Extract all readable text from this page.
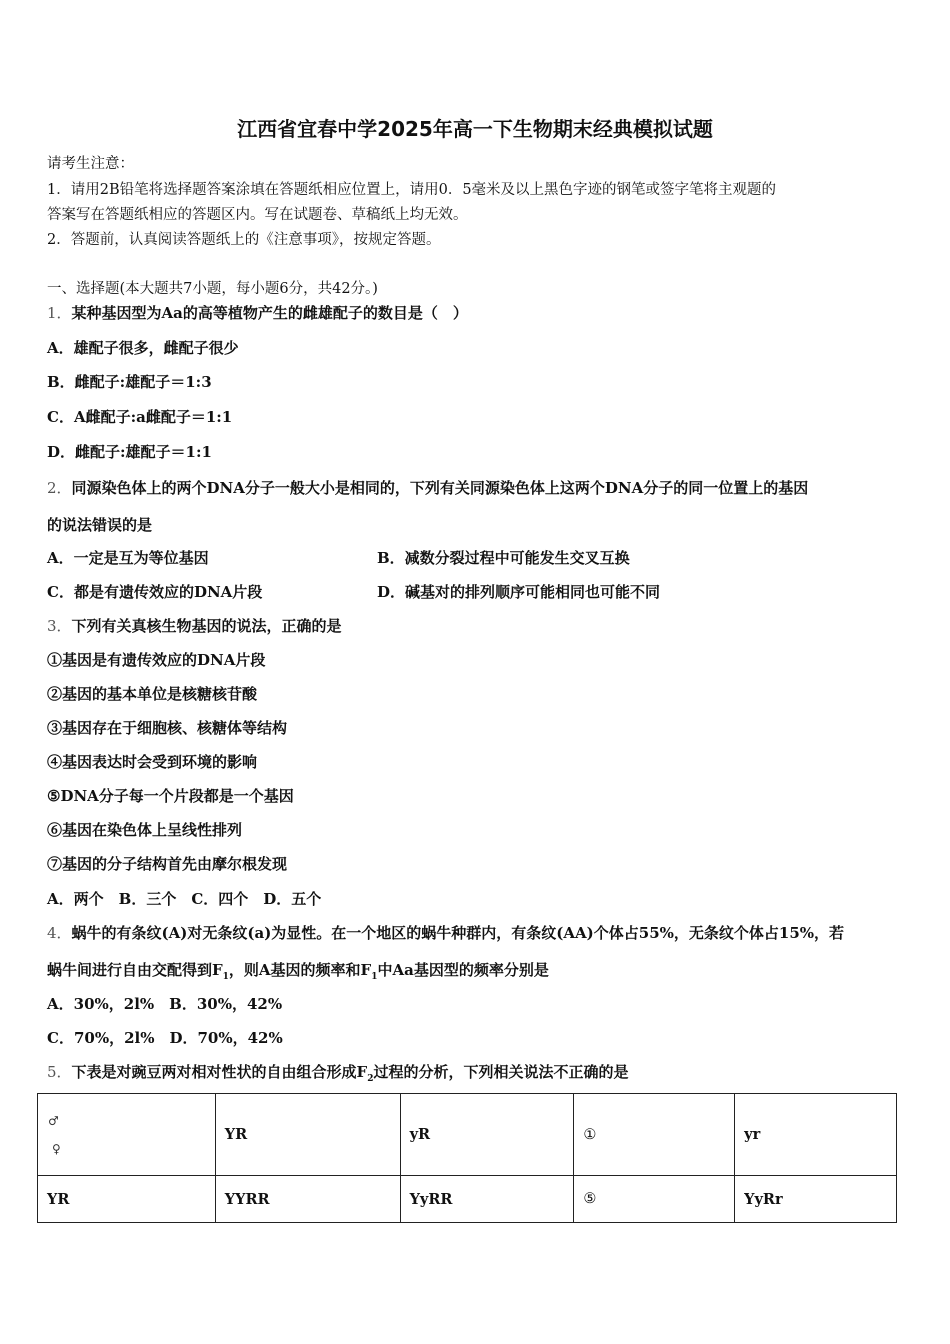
江西省宜春中学2025年高一下生物期末经典模拟试题
请考生注意：
1．请用2B铅笔将选择题答案涂填在答题纸相应位置上，请用0．5毫米及以上黑色字迹的钢笔或签字笔将主观题的
答案写在答题纸相应的答题区内。写在试题卷、草稿纸上均无效。
2．答题前，认真阅读答题纸上的《注意事项》，按规定答题。
一、选择题(本大题共7小题，每小题6分，共42分。)
1．某种基因型为Aa的高等植物产生的雌雄配子的数目是（　）
A．雄配子很多，雌配子很少
B．雌配子:雄配子＝1:3
C．A雌配子:a雌配子＝1:1
D．雌配子:雄配子＝1:1
2．同源染色体上的两个DNA分子一般大小是相同的，下列有关同源染色体上这两个DNA分子的同一位置上的基因
的说法错误的是
A．一定是互为等位基因	B．减数分裂过程中可能发生交叉互换
C．都是有遗传效应的DNA片段	D．碱基对的排列顺序可能相同也可能不同
3．下列有关真核生物基因的说法，正确的是
①基因是有遗传效应的DNA片段
②基因的基本单位是核糖核苷酸
③基因存在于细胞核、核糖体等结构
④基因表达时会受到环境的影响
⑤DNA分子每一个片段都是一个基因
⑥基因在染色体上呈线性排列
⑦基因的分子结构首先由摩尔根发现
A．两个　B．三个　C．四个　D．五个
4．蜗牛的有条纹(A)对无条纹(a)为显性。在一个地区的蜗牛种群内，有条纹(AA)个体占55%，无条纹个体占15%，若
蜗牛间进行自由交配得到$F_1$，则A基因的频率和$F_1$中Aa基因型的频率分别是
A．30%，2l%　B．30%，42%
C．70%，2l%　D．70%，42%
5．下表是对豌豆两对相对性状的自由组合形成$F_2$过程的分析，下列相关说法不正确的是
♂
♀	YR	yR	①	yr
YR	YYRR	YyRR	⑤	YyRr
